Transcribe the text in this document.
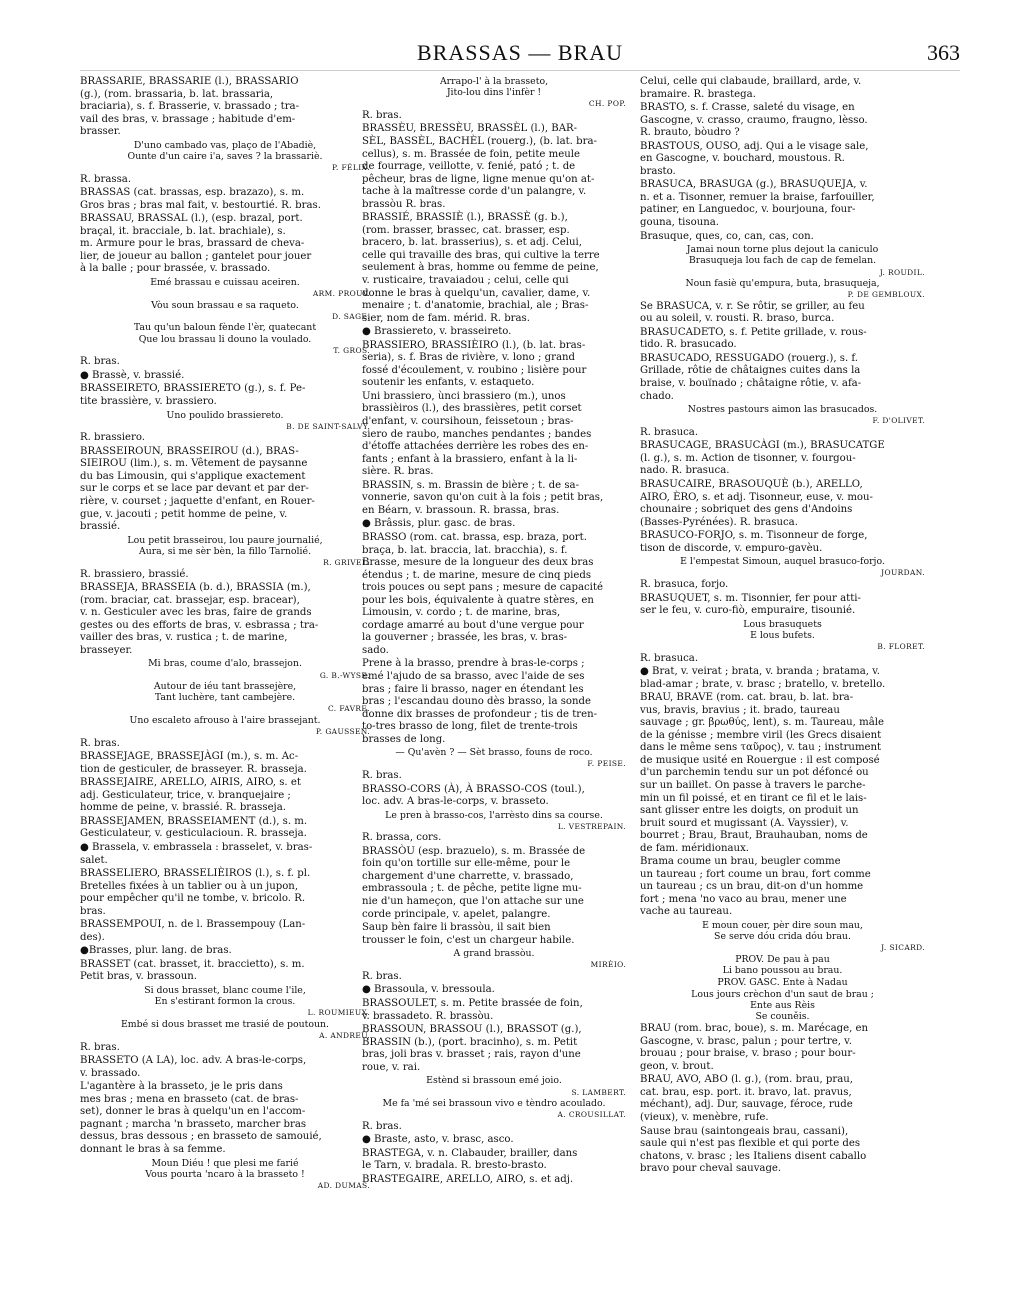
BRASSAS — BRAU	363
BRASSARIÉ, BRASSARIÈ (l.), BRASSARIÒ
(g.), (rom. brassaria, b. lat. brassaria,
braciaria), s. f. Brasserie, v. brassado ; tra-
vail des bras, v. brassage ; habitude d'em-
brasser.
D'uno cambado vas, plaço de l'Abadiè,
Ounte d'un caire i'a, saves ? la brassariè.
P. FÉLIX.
R. brassa.
BRASSAS (cat. brassas, esp. brazazo), s. m.
Gros bras ; bras mal fait, v. bestourtié. R. bras.
BRASSAU, BRASSAL (l.), (esp. brazal, port.
braçal, it. bracciale, b. lat. brachiale), s.
m. Armure pour le bras, brassard de cheva-
lier, de joueur au ballon ; gantelet pour jouer
à la balle ; pour brassée, v. brassado.
Emé brassau e cuissau aceiren.
ARM. PROUV.
Vòu soun brassau e sa raqueto.
D. SAGE.
Tau qu'un baloun fènde l'èr, quatecant
Que lou brassau li douno la voulado.
T. GROS.
R. bras.
● Brassè, v. brassié.
BRASSEIRETO, BRASSIERETO (g.), s. f. Pe-
tite brassière, v. brassiero.
Uno poulido brassiereto.
B. DE SAINT-SALVY.
R. brassiero.
BRASSEIROUN, BRASSEIROU (d.), BRAS-
SIEIROU (lim.), s. m. Vêtement de paysanne
du bas Limousin, qui s'applique exactement
sur le corps et se lace par devant et par der-
rière, v. courset ; jaquette d'enfant, en Rouer-
gue, v. jacouti ; petit homme de peine, v.
brassié.
Lou petit brasseirou, lou paure journalié,
Aura, si me sèr bèn, la fillo Tarnolié.
R. GRIVEL.
R. brassiero, brassié.
BRASSEJA, BRASSEIA (b. d.), BRASSIA (m.),
(rom. braciar, cat. brassejar, esp. bracear),
v. n. Gesticuler avec les bras, faire de grands
gestes ou des efforts de bras, v. esbrassa ; tra-
vailler des bras, v. rustica ; t. de marine,
brasseyer.
Mi bras, coume d'alo, brassejon.
G. B.-WYSE.
Autour de iéu tant brassejère,
Tant luchère, tant cambejère.
C. FAVRE.
Uno escaleto afrouso à l'aire brassejant.
P. GAUSSEN.
R. bras.
BRASSEJAGE, BRASSEJÀGI (m.), s. m. Ac-
tion de gesticuler, de brasseyer. R. brasseja.
BRASSEJAIRE, ARELLO, AIRIS, AIRO, s. et
adj. Gesticulateur, trice, v. branquejaire ;
homme de peine, v. brassié. R. brasseja.
BRASSEJAMEN, BRASSEIAMENT (d.), s. m.
Gesticulateur, v. gesticulacioun. R. brasseja.
● Brassela, v. embrassela : brasselet, v. bras-
salet.
BRASSELIERO, BRASSELIÈIROS (l.), s. f. pl.
Bretelles fixées à un tablier ou à un jupon,
pour empêcher qu'il ne tombe, v. bricolo. R.
bras.
BRASSEMPOUI, n. de l. Brassempouy (Lan-
des).
●Brasses, plur. lang. de bras.
BRASSET (cat. brasset, it. bracciettо), s. m.
Petit bras, v. brassoun.
Si dous brasset, blanc coume l'ile,
En s'estirant formon la crous.
L. ROUMIEUX.
Embé si dous brasset me trasié de poutoun.
A. ANDREU.
R. bras.
BRASSETO (A LA), loc. adv. A bras-le-corps,
v. brassado.
L'agantère à la brasseto, je le pris dans
mes bras ; mena en brasseto (cat. de bras-
set), donner le bras à quelqu'un en l'accom-
pagnant ; marcha 'n brasseto, marcher bras
dessus, bras dessous ; en brasseto de samouié,
donnant le bras à sa femme.
Moun Diéu ! que plesi me farié
Vous pourta 'ncaro à la brasseto !
AD. DUMAS.
Arrapo-l' à la brasseto,
Jito-lou dins l'infèr !
CH. POP.
R. bras.
BRASSÈU, BRESSÈU, BRASSÈL (l.), BAR-
SÈL, BASSÈL, BACHÈL (rouerg.), (b. lat. bra-
cellus), s. m. Brassée de foin, petite meule
de fourrage, veillotte, v. fenié, pató ; t. de
pêcheur, bras de ligne, ligne menue qu'on at-
tache à la maîtresse corde d'un palangre, v.
brassòu R. bras.
BRASSIÉ, BRASSIÈ (l.), BRASSÈ (g. b.),
(rom. brasser, brassec, cat. brasser, esp.
bracero, b. lat. brasserius), s. et adj. Celui,
celle qui travaille des bras, qui cultive la terre
seulement à bras, homme ou femme de peine,
v. rusticaire, travaiadou ; celui, celle qui
donne le bras à quelqu'un, cavalier, dame, v.
menaire ; t. d'anatomie, brachial, ale ; Bras-
sier, nom de fam. mérid. R. bras.
● Brassiereto, v. brasseireto.
BRASSIERO, BRASSIÈIRO (l.), (b. lat. bras-
seria), s. f. Bras de rivière, v. lono ; grand
fossé d'écoulement, v. roubino ; lisière pour
soutenir les enfants, v. estaqueto.
Uni brassiero, ùnci brassiero (m.), unos
brassièiros (l.), des brassières, petit corset
d'enfant, v. coursihoun, feissetoun ; bras-
siero de raubo, manches pendantes ; bandes
d'étoffe attachées derrière les robes des en-
fants ; enfant à la brassiero, enfant à la li-
sière. R. bras.
BRASSIN, s. m. Brassin de bière ; t. de sa-
vonnerie, savon qu'on cuit à la fois ; petit bras,
en Béarn, v. brassoun. R. brassa, bras.
● Brâssis, plur. gasc. de bras.
BRASSO (rom. cat. brassa, esp. braza, port.
braça, b. lat. braccia, lat. bracchia), s. f.
Brasse, mesure de la longueur des deux bras
étendus ; t. de marine, mesure de cinq pieds
trois pouces ou sept pans ; mesure de capacité
pour les bois, équivalente à quatre stères, en
Limousin, v. cordo ; t. de marine, bras,
cordage amarré au bout d'une vergue pour
la gouverner ; brassée, les bras, v. bras-
sado.
Prene à la brasso, prendre à bras-le-corps ;
emé l'ajudo de sa brasso, avec l'aide de ses
bras ; faire li brasso, nager en étendant les
bras ; l'escandau douno dès brasso, la sonde
donne dix brasses de profondeur ; tis de tren-
to-tres brasso de long, filet de trente-trois
brasses de long.
— Qu'avèn ? — Sèt brasso, founs de roco.
F. PEISE.
R. bras.
BRASSO-CORS (À), À BRASSO-COS (toul.),
loc. adv. A bras-le-corps, v. brasseto.
Le pren à brasso-cos, l'arrèsto dins sa course.
L. VESTREPAIN.
R. brassa, cors.
BRASSÒU (esp. brazuelo), s. m. Brassée de
foin qu'on tortille sur elle-même, pour le
chargement d'une charrette, v. brassado,
embrassoula ; t. de pêche, petite ligne mu-
nie d'un hameçon, que l'on attache sur une
corde principale, v. apelet, palangre.
Saup bèn faire li brassòu, il sait bien
trousser le foin, c'est un chargeur habile.
A grand brassòu.
MIRÈIO.
R. bras.
● Brassoula, v. bressoula.
BRASSOULET, s. m. Petite brassée de foin,
v. brassadeto. R. brassòu.
BRASSOUN, BRASSOU (l.), BRASSOT (g.),
BRASSIN (b.), (port. bracinho), s. m. Petit
bras, joli bras v. brasset ; rais, rayon d'une
roue, v. rai.
Estènd si brassoun emé joio.
S. LAMBERT.
Me fa 'mé sei brassoun vivo e tèndro acoulado.
A. CROUSILLAT.
R. bras.
● Braste, asto, v. brasc, asco.
BRASTEGA, v. n. Clabauder, brailler, dans
le Tarn, v. bradala. R. bresto-brasto.
BRASTEGAIRE, ARELLO, AIRO, s. et adj.
Celui, celle qui clabaude, braillard, arde, v.
bramaire. R. brastega.
BRASTO, s. f. Crasse, saleté du visage, en
Gascogne, v. crasso, craumo, fraugno, lèsso.
R. brauto, bòudro ?
BRASTOUS, OUSO, adj. Qui a le visage sale,
en Gascogne, v. bouchard, moustous. R.
brasto.
BRASUCA, BRASUGA (g.), BRASUQUEJA, v.
n. et a. Tisonner, remuer la braise, farfouiller,
patiner, en Languedoc, v. bourjouna, four-
gouna, tisouna.
Brasuque, ques, co, can, cas, con.
Jamai noun torne plus dejout la caniculo
Brasuqueja lou fach de cap de femelan.
J. ROUDIL.
Noun fasiè qu'empura, buta, brasuqueja,
P. DE GEMBLOUX.
Se BRASUCA, v. r. Se rôtir, se griller, au feu
ou au soleil, v. rousti. R. braso, burca.
BRASUCADETO, s. f. Petite grillade, v. rous-
tido. R. brasucado.
BRASUCADO, RESSUGADO (rouerg.), s. f.
Grillade, rôtie de châtaignes cuites dans la
braise, v. bouïnado ; châtaigne rôtie, v. afa-
chado.
Nostres pastours aimon las brasucados.
F. D'OLIVET.
R. brasuca.
BRASUCAGE, BRASUCÀGI (m.), BRASUCATGE
(l. g.), s. m. Action de tisonner, v. fourgou-
nado. R. brasuca.
BRASUCAIRE, BRASOUQUÈ (b.), ARELLO,
AIRO, ÈRO, s. et adj. Tisonneur, euse, v. mou-
chounaire ; sobriquet des gens d'Andoins
(Basses-Pyrénées). R. brasuca.
BRASUCO-FORJO, s. m. Tisonneur de forge,
tison de discorde, v. empuro-gavèu.
E l'empestat Simoun, auquel brasuco-forjo.
JOURDAN.
R. brasuca, forjo.
BRASUQUET, s. m. Tisonnier, fer pour atti-
ser le feu, v. curo-fiò, empuraire, tisounié.
Lous brasuquets
E lous bufets.
B. FLORET.
R. brasuca.
● Brat, v. veirat ; brata, v. branda ; bratama, v.
blad-amar ; brate, v. brasc ; bratello, v. bretello.
BRAU, BRAVE (rom. cat. brau, b. lat. bra-
vus, bravis, bravius ; it. brado, taureau
sauvage ; gr. βρωθύς, lent), s. m. Taureau, mâle
de la génisse ; membre viril (les Grecs disaient
dans le même sens ταῦρος), v. tau ; instrument
de musique usité en Rouergue : il est composé
d'un parchemin tendu sur un pot défoncé ou
sur un baillet. On passe à travers le parche-
min un fil poissé, et en tirant ce fil et le lais-
sant glisser entre les doigts, on produit un
bruit sourd et mugissant (A. Vayssier), v.
bourret ; Brau, Braut, Brauhauban, noms de
de fam. méridionaux.
Brama coume un brau, beugler comme
un taureau ; fort coume un brau, fort comme
un taureau ; cs un brau, dit-on d'un homme
fort ; mena 'no vaco au brau, mener une
vache au taureau.
E moun couer, pèr dire soun mau,
Se serve dóu crida dóu brau.
J. SICARD.
PROV. De pau à pau
Li bano poussou au brau.
PROV. GASC. Ente à Nadau
Lous jours crèchon d'un saut de brau ;
Ente aus Rèis
Se couněis.
BRAU (rom. brac, boue), s. m. Marécage, en
Gascogne, v. brasc, palun ; pour tertre, v.
brouau ; pour braise, v. braso ; pour bour-
geon, v. brout.
BRAU, AVO, ABO (l. g.), (rom. brau, prau,
cat. brau, esp. port. it. bravo, lat. pravus,
méchant), adj. Dur, sauvage, féroce, rude
(vieux), v. menèbre, rufe.
Sause brau (saintongeais brau, cassani),
saule qui n'est pas flexible et qui porte des
chatons, v. brasc ; les Italiens disent caballo
bravo pour cheval sauvage.
